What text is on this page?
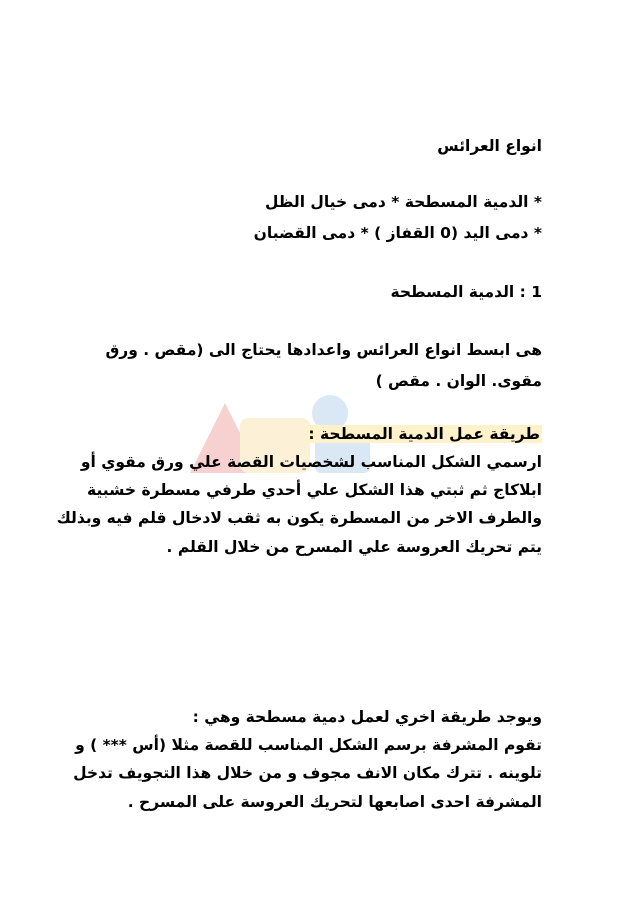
انواع العرائس
* الدمية المسطحة * دمى خيال الظل
* دمى اليد (0 القفاز ) * دمى القضبان
1 : الدمية المسطحة
هى ابسط انواع العرائس واعدادها يحتاج الى (مقص . ورق
مقوى. الوان . مقص )
طريقة عمل الدمية المسطحة :
ارسمي الشكل المناسب لشخصيات القصة علي ورق مقوي أو
ابلاكاج ثم ثبتي هذا الشكل علي أحدي طرفي مسطرة خشبية
والطرف الاخر من المسطرة يكون به ثقب لادخال قلم فيه وبذلك
يتم تحريك العروسة علي المسرح من خلال القلم .
ويوجد طريقة اخري لعمل دمية مسطحة وهي :
تقوم المشرفة برسم الشكل المناسب للقصة مثلا (أس *** ) و
تلوينه . تترك مكان الانف مجوف و من خلال هذا التجويف تدخل
المشرفة احدى اصابعها لتحريك العروسة على المسرح .
